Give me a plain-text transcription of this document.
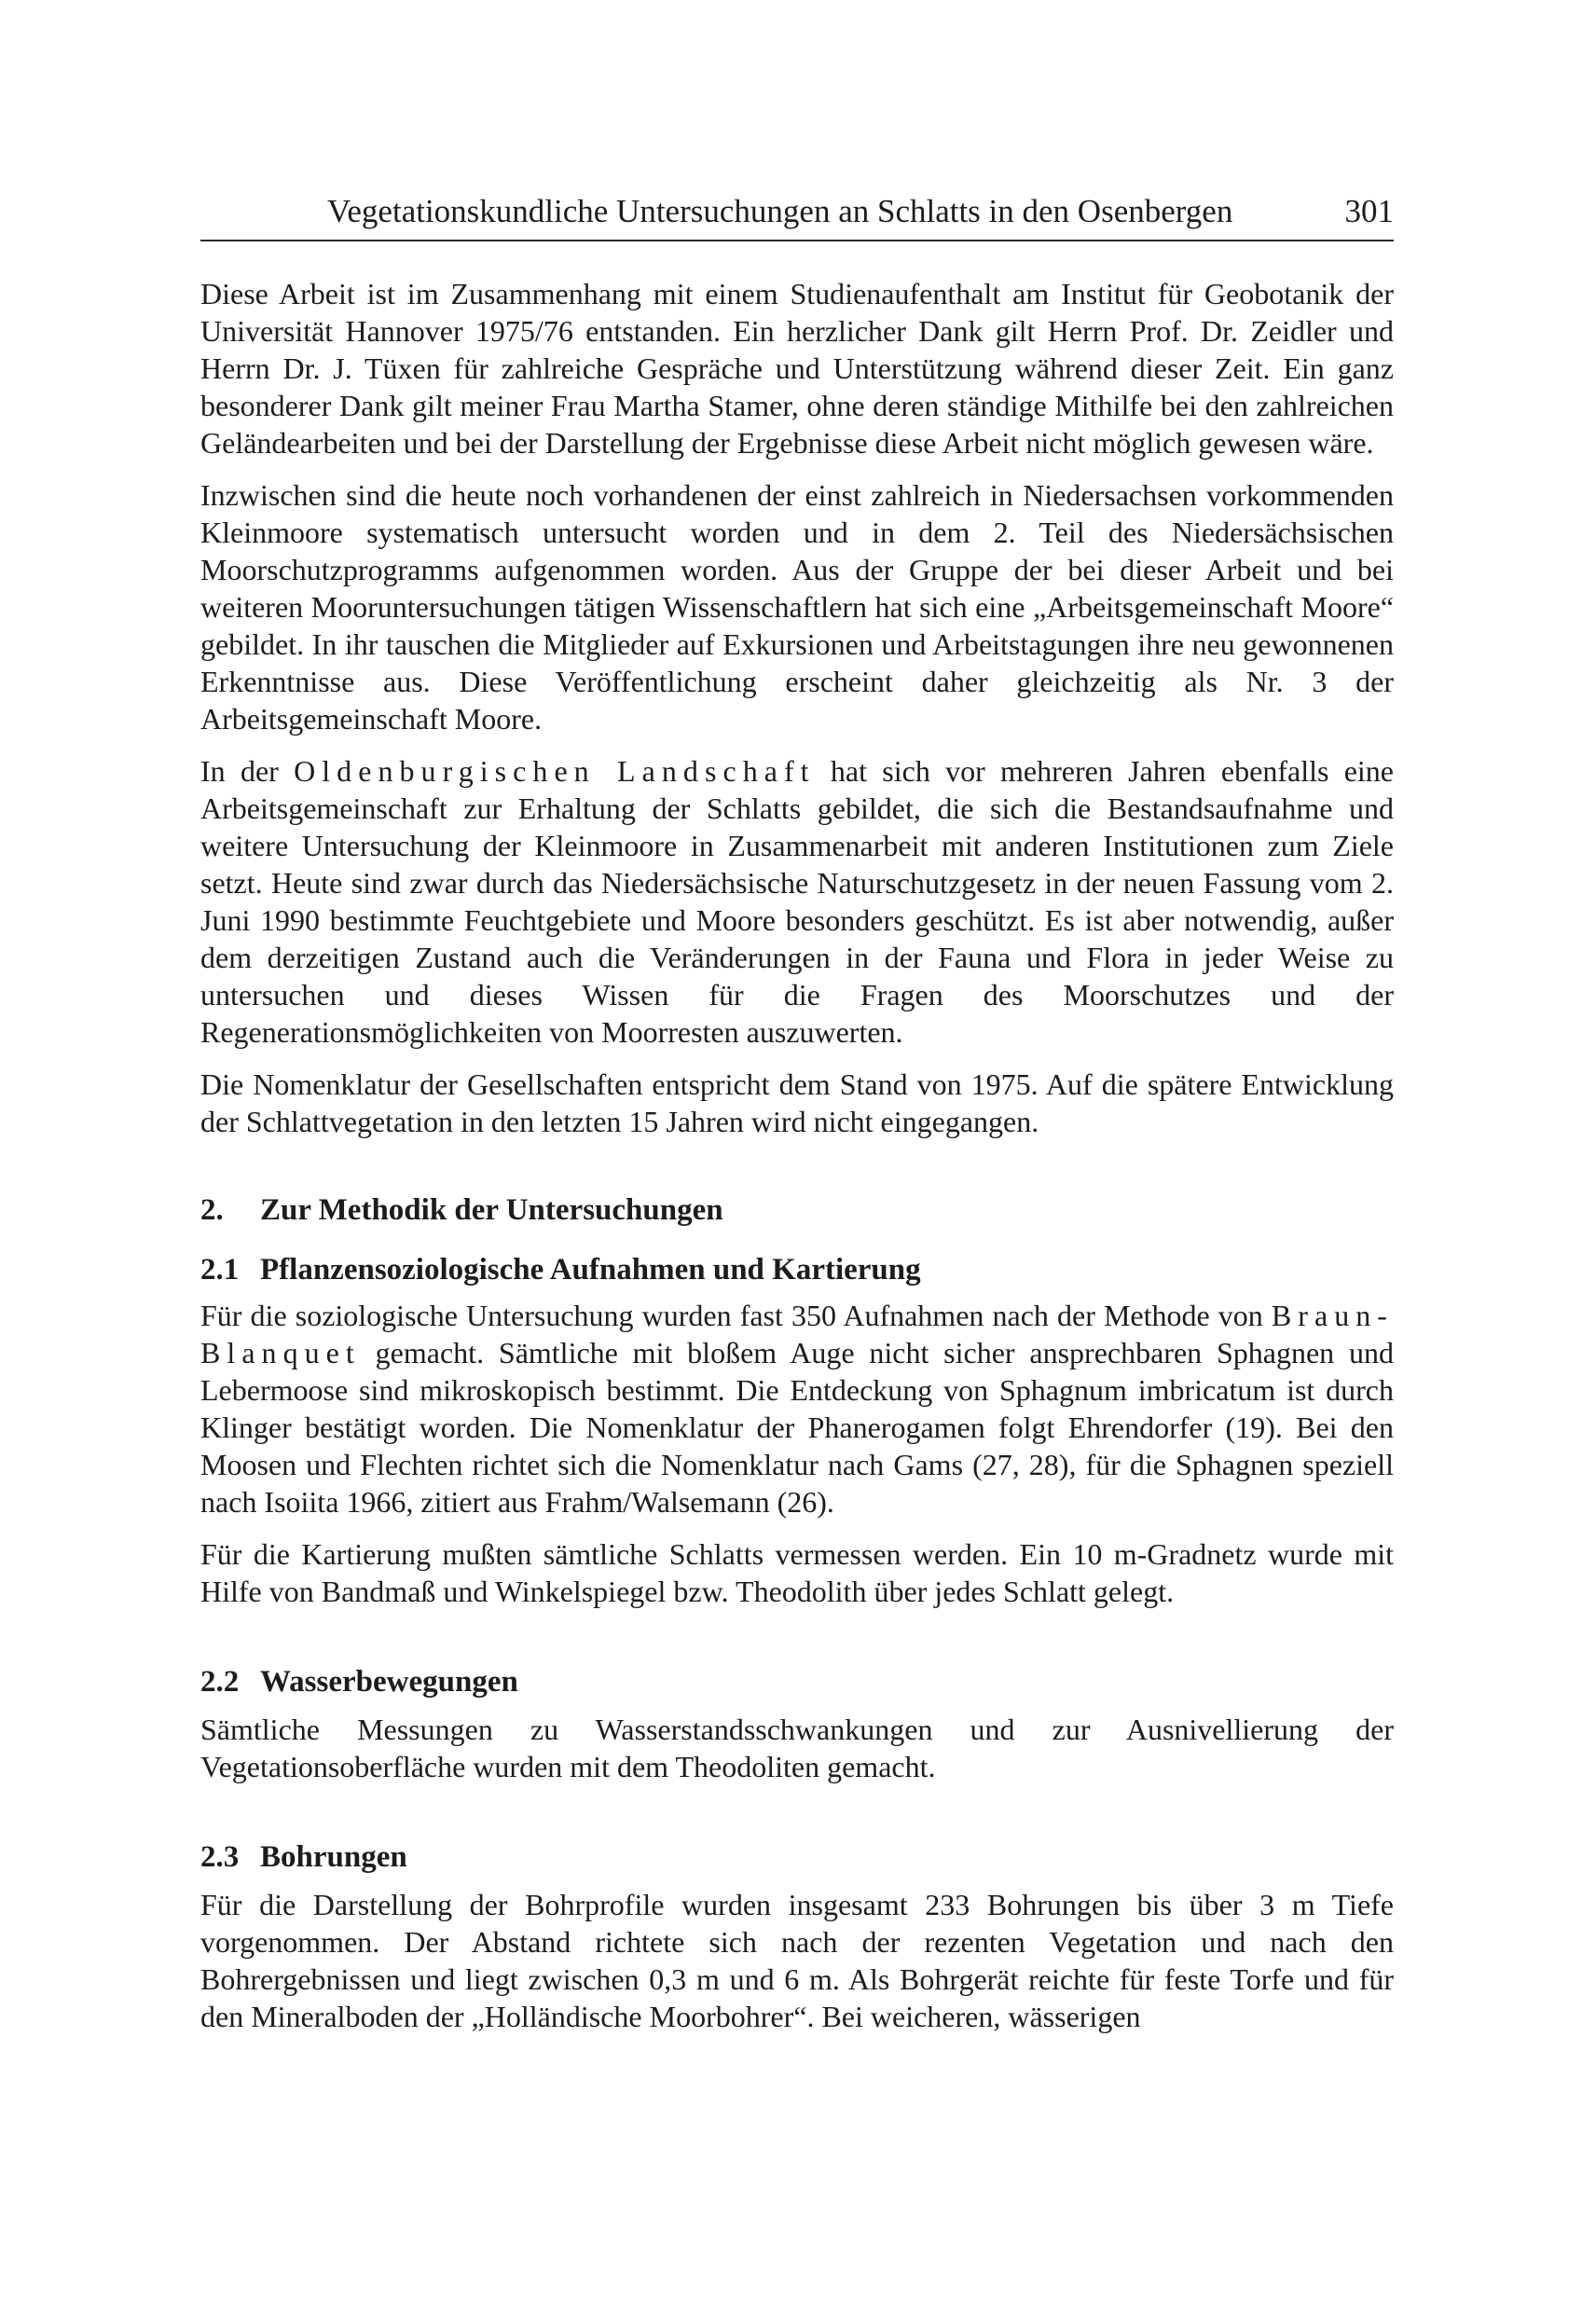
Vegetationskundliche Untersuchungen an Schlatts in den Osenbergen	301

Diese Arbeit ist im Zusammenhang mit einem Studienaufenthalt am Institut für Geobotanik der Universität Hannover 1975/76 entstanden. Ein herzlicher Dank gilt Herrn Prof. Dr. Zeidler und Herrn Dr. J. Tüxen für zahlreiche Gespräche und Unterstützung während dieser Zeit. Ein ganz besonderer Dank gilt meiner Frau Martha Stamer, ohne deren ständige Mithilfe bei den zahlreichen Geländearbeiten und bei der Darstellung der Ergebnisse diese Arbeit nicht möglich gewesen wäre.

Inzwischen sind die heute noch vorhandenen der einst zahlreich in Niedersachsen vorkommenden Kleinmoore systematisch untersucht worden und in dem 2. Teil des Niedersächsischen Moorschutzprogramms aufgenommen worden. Aus der Gruppe der bei dieser Arbeit und bei weiteren Mooruntersuchungen tätigen Wissenschaftlern hat sich eine „Arbeitsgemeinschaft Moore“ gebildet. In ihr tauschen die Mitglieder auf Exkursionen und Arbeitstagungen ihre neu gewonnenen Erkenntnisse aus. Diese Veröffentlichung erscheint daher gleichzeitig als Nr. 3 der Arbeitsgemeinschaft Moore.

In der Oldenburgischen Landschaft hat sich vor mehreren Jahren ebenfalls eine Arbeitsgemeinschaft zur Erhaltung der Schlatts gebildet, die sich die Bestandsaufnahme und weitere Untersuchung der Kleinmoore in Zusammenarbeit mit anderen Institutionen zum Ziele setzt. Heute sind zwar durch das Niedersächsische Naturschutzgesetz in der neuen Fassung vom 2. Juni 1990 bestimmte Feuchtgebiete und Moore besonders geschützt. Es ist aber notwendig, außer dem derzeitigen Zustand auch die Veränderungen in der Fauna und Flora in jeder Weise zu untersuchen und dieses Wissen für die Fragen des Moorschutzes und der Regenerationsmöglichkeiten von Moorresten auszuwerten.

Die Nomenklatur der Gesellschaften entspricht dem Stand von 1975. Auf die spätere Entwicklung der Schlattvegetation in den letzten 15 Jahren wird nicht eingegangen.

2.	Zur Methodik der Untersuchungen
2.1 Pflanzensoziologische Aufnahmen und Kartierung

Für die soziologische Untersuchung wurden fast 350 Aufnahmen nach der Methode von Braun-Blanquet gemacht. Sämtliche mit bloßem Auge nicht sicher ansprechbaren Sphagnen und Lebermoose sind mikroskopisch bestimmt. Die Entdeckung von Sphagnum imbricatum ist durch Klinger bestätigt worden. Die Nomenklatur der Phanerogamen folgt Ehrendorfer (19). Bei den Moosen und Flechten richtet sich die Nomenklatur nach Gams (27, 28), für die Sphagnen speziell nach Isoiita 1966, zitiert aus Frahm/Walsemann (26).

Für die Kartierung mußten sämtliche Schlatts vermessen werden. Ein 10 m-Gradnetz wurde mit Hilfe von Bandmaß und Winkelspiegel bzw. Theodolith über jedes Schlatt gelegt.

2.2 Wasserbewegungen

Sämtliche Messungen zu Wasserstandsschwankungen und zur Ausnivellierung der Vegetationsoberfläche wurden mit dem Theodoliten gemacht.

2.3 Bohrungen

Für die Darstellung der Bohrprofile wurden insgesamt 233 Bohrungen bis über 3 m Tiefe vorgenommen. Der Abstand richtete sich nach der rezenten Vegetation und nach den Bohrergebnissen und liegt zwischen 0,3 m und 6 m. Als Bohrgerät reichte für feste Torfe und für den Mineralboden der „Holländische Moorbohrer“. Bei weicheren, wässerigen
